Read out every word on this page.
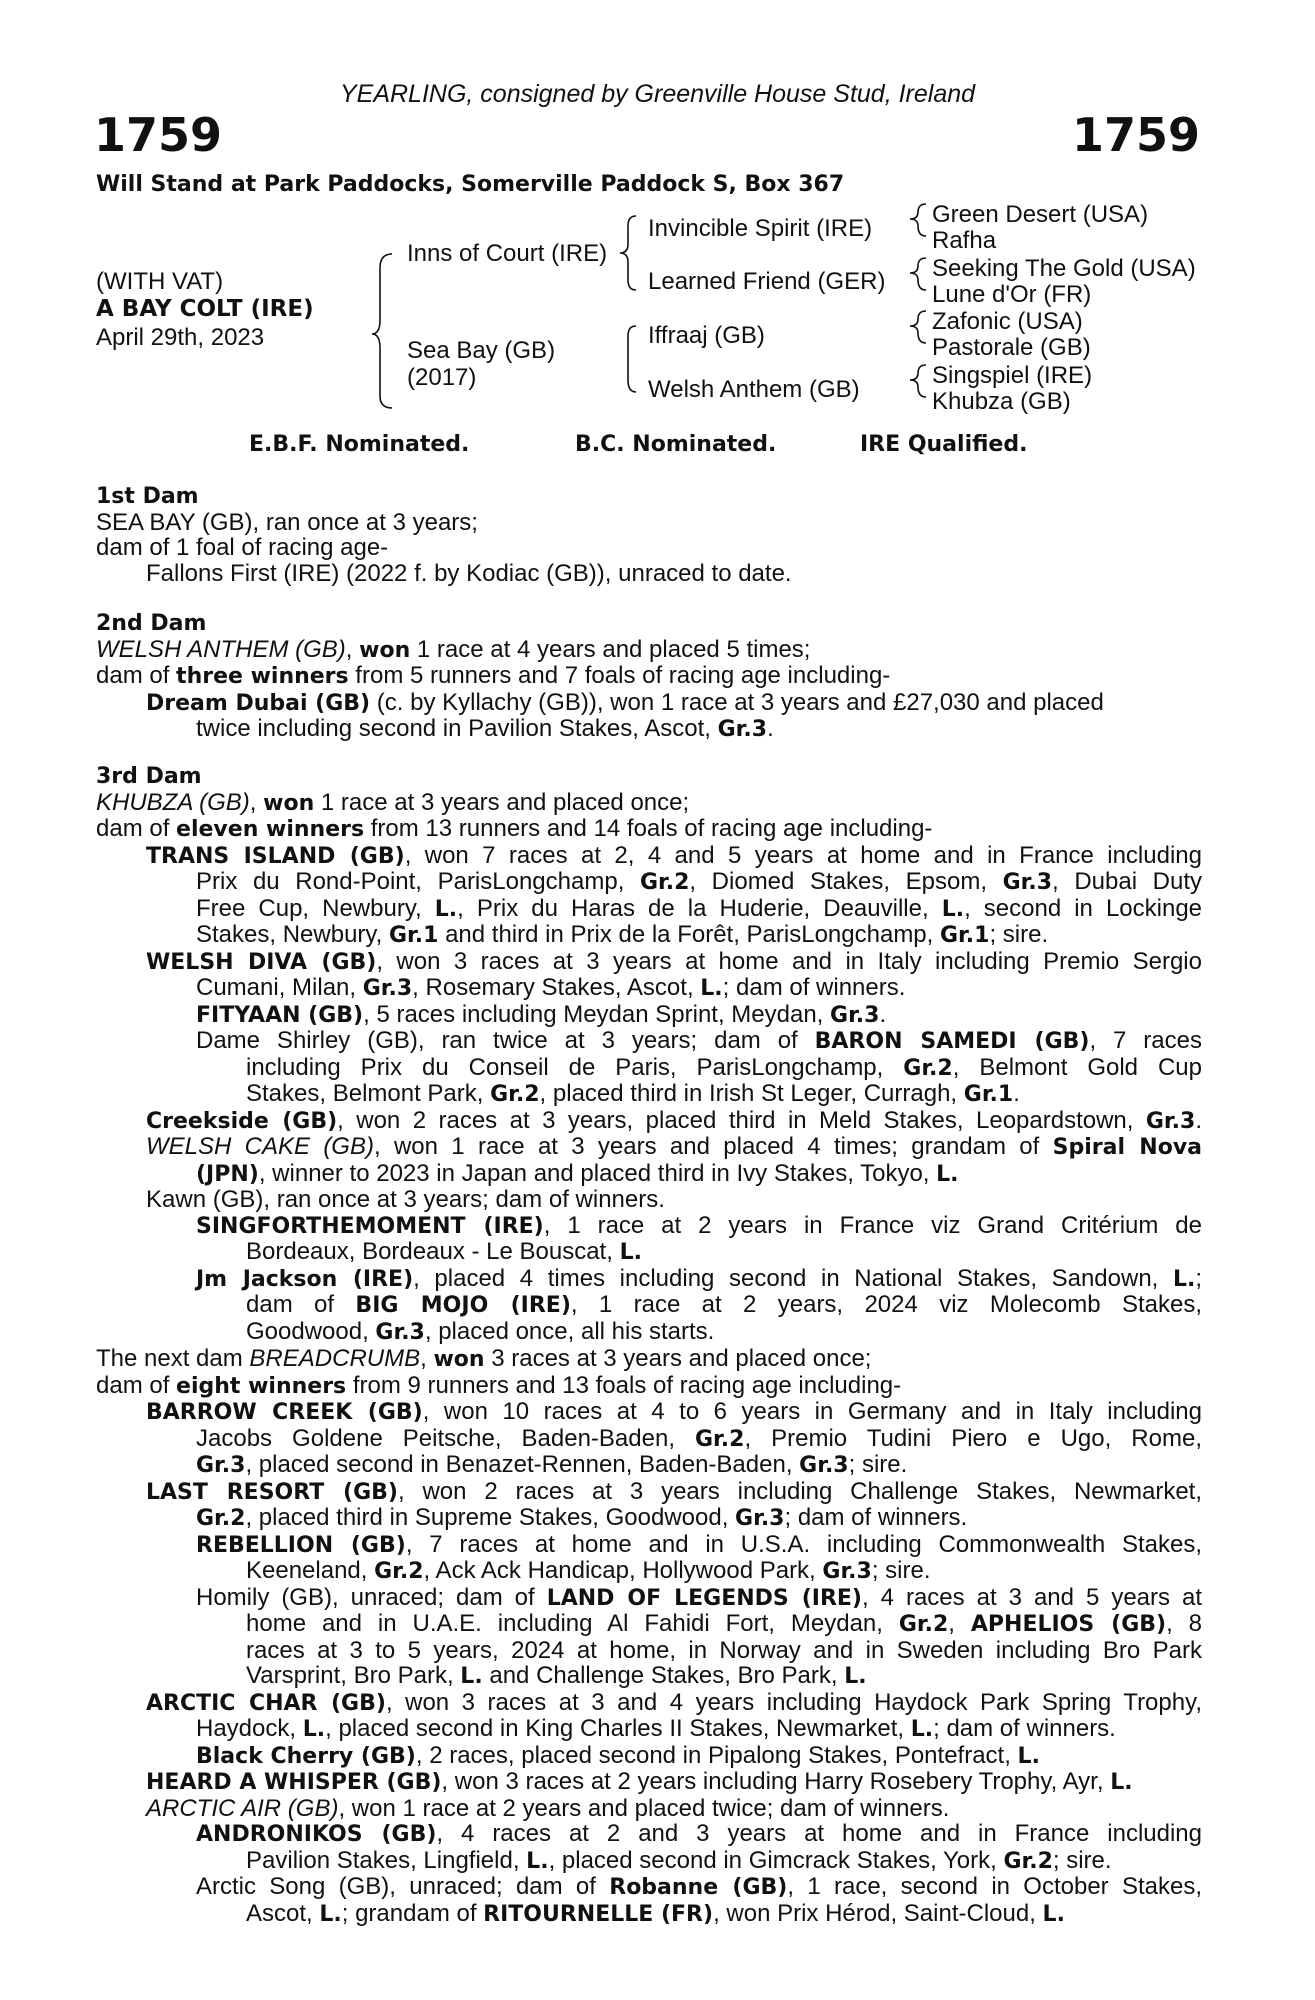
YEARLING, consigned by Greenville House Stud, Ireland
1759	1759
Will Stand at Park Paddocks, Somerville Paddock S, Box 367
(WITH VAT)
A BAY COLT (IRE)
April 29th, 2023
Inns of Court (IRE)
Sea Bay (GB)
(2017)
Invincible Spirit (IRE)
Learned Friend (GER)
Iffraaj (GB)
Welsh Anthem (GB)
Green Desert (USA)
Rafha
Seeking The Gold (USA)
Lune d'Or (FR)
Zafonic (USA)
Pastorale (GB)
Singspiel (IRE)
Khubza (GB)
E.B.F. Nominated.	B.C. Nominated.	IRE Qualified.
1st Dam
SEA BAY (GB), ran once at 3 years;
dam of 1 foal of racing age-
Fallons First (IRE) (2022 f. by Kodiac (GB)), unraced to date.
2nd Dam
WELSH ANTHEM (GB), won 1 race at 4 years and placed 5 times;
dam of three winners from 5 runners and 7 foals of racing age including-
Dream Dubai (GB) (c. by Kyllachy (GB)), won 1 race at 3 years and £27,030 and placed
twice including second in Pavilion Stakes, Ascot, Gr.3.
3rd Dam
KHUBZA (GB), won 1 race at 3 years and placed once;
dam of eleven winners from 13 runners and 14 foals of racing age including-
TRANS ISLAND (GB), won 7 races at 2, 4 and 5 years at home and in France including
Prix du Rond-Point, ParisLongchamp, Gr.2, Diomed Stakes, Epsom, Gr.3, Dubai Duty
Free Cup, Newbury, L., Prix du Haras de la Huderie, Deauville, L., second in Lockinge
Stakes, Newbury, Gr.1 and third in Prix de la Forêt, ParisLongchamp, Gr.1; sire.
WELSH DIVA (GB), won 3 races at 3 years at home and in Italy including Premio Sergio
Cumani, Milan, Gr.3, Rosemary Stakes, Ascot, L.; dam of winners.
FITYAAN (GB), 5 races including Meydan Sprint, Meydan, Gr.3.
Dame Shirley (GB), ran twice at 3 years; dam of BARON SAMEDI (GB), 7 races
including Prix du Conseil de Paris, ParisLongchamp, Gr.2, Belmont Gold Cup
Stakes, Belmont Park, Gr.2, placed third in Irish St Leger, Curragh, Gr.1.
Creekside (GB), won 2 races at 3 years, placed third in Meld Stakes, Leopardstown, Gr.3.
WELSH CAKE (GB), won 1 race at 3 years and placed 4 times; grandam of Spiral Nova
(JPN), winner to 2023 in Japan and placed third in Ivy Stakes, Tokyo, L.
Kawn (GB), ran once at 3 years; dam of winners.
SINGFORTHEMOMENT (IRE), 1 race at 2 years in France viz Grand Critérium de
Bordeaux, Bordeaux - Le Bouscat, L.
Jm Jackson (IRE), placed 4 times including second in National Stakes, Sandown, L.;
dam of BIG MOJO (IRE), 1 race at 2 years, 2024 viz Molecomb Stakes,
Goodwood, Gr.3, placed once, all his starts.
The next dam BREADCRUMB, won 3 races at 3 years and placed once;
dam of eight winners from 9 runners and 13 foals of racing age including-
BARROW CREEK (GB), won 10 races at 4 to 6 years in Germany and in Italy including
Jacobs Goldene Peitsche, Baden-Baden, Gr.2, Premio Tudini Piero e Ugo, Rome,
Gr.3, placed second in Benazet-Rennen, Baden-Baden, Gr.3; sire.
LAST RESORT (GB), won 2 races at 3 years including Challenge Stakes, Newmarket,
Gr.2, placed third in Supreme Stakes, Goodwood, Gr.3; dam of winners.
REBELLION (GB), 7 races at home and in U.S.A. including Commonwealth Stakes,
Keeneland, Gr.2, Ack Ack Handicap, Hollywood Park, Gr.3; sire.
Homily (GB), unraced; dam of LAND OF LEGENDS (IRE), 4 races at 3 and 5 years at
home and in U.A.E. including Al Fahidi Fort, Meydan, Gr.2, APHELIOS (GB), 8
races at 3 to 5 years, 2024 at home, in Norway and in Sweden including Bro Park
Varsprint, Bro Park, L. and Challenge Stakes, Bro Park, L.
ARCTIC CHAR (GB), won 3 races at 3 and 4 years including Haydock Park Spring Trophy,
Haydock, L., placed second in King Charles II Stakes, Newmarket, L.; dam of winners.
Black Cherry (GB), 2 races, placed second in Pipalong Stakes, Pontefract, L.
HEARD A WHISPER (GB), won 3 races at 2 years including Harry Rosebery Trophy, Ayr, L.
ARCTIC AIR (GB), won 1 race at 2 years and placed twice; dam of winners.
ANDRONIKOS (GB), 4 races at 2 and 3 years at home and in France including
Pavilion Stakes, Lingfield, L., placed second in Gimcrack Stakes, York, Gr.2; sire.
Arctic Song (GB), unraced; dam of Robanne (GB), 1 race, second in October Stakes,
Ascot, L.; grandam of RITOURNELLE (FR), won Prix Hérod, Saint-Cloud, L.
